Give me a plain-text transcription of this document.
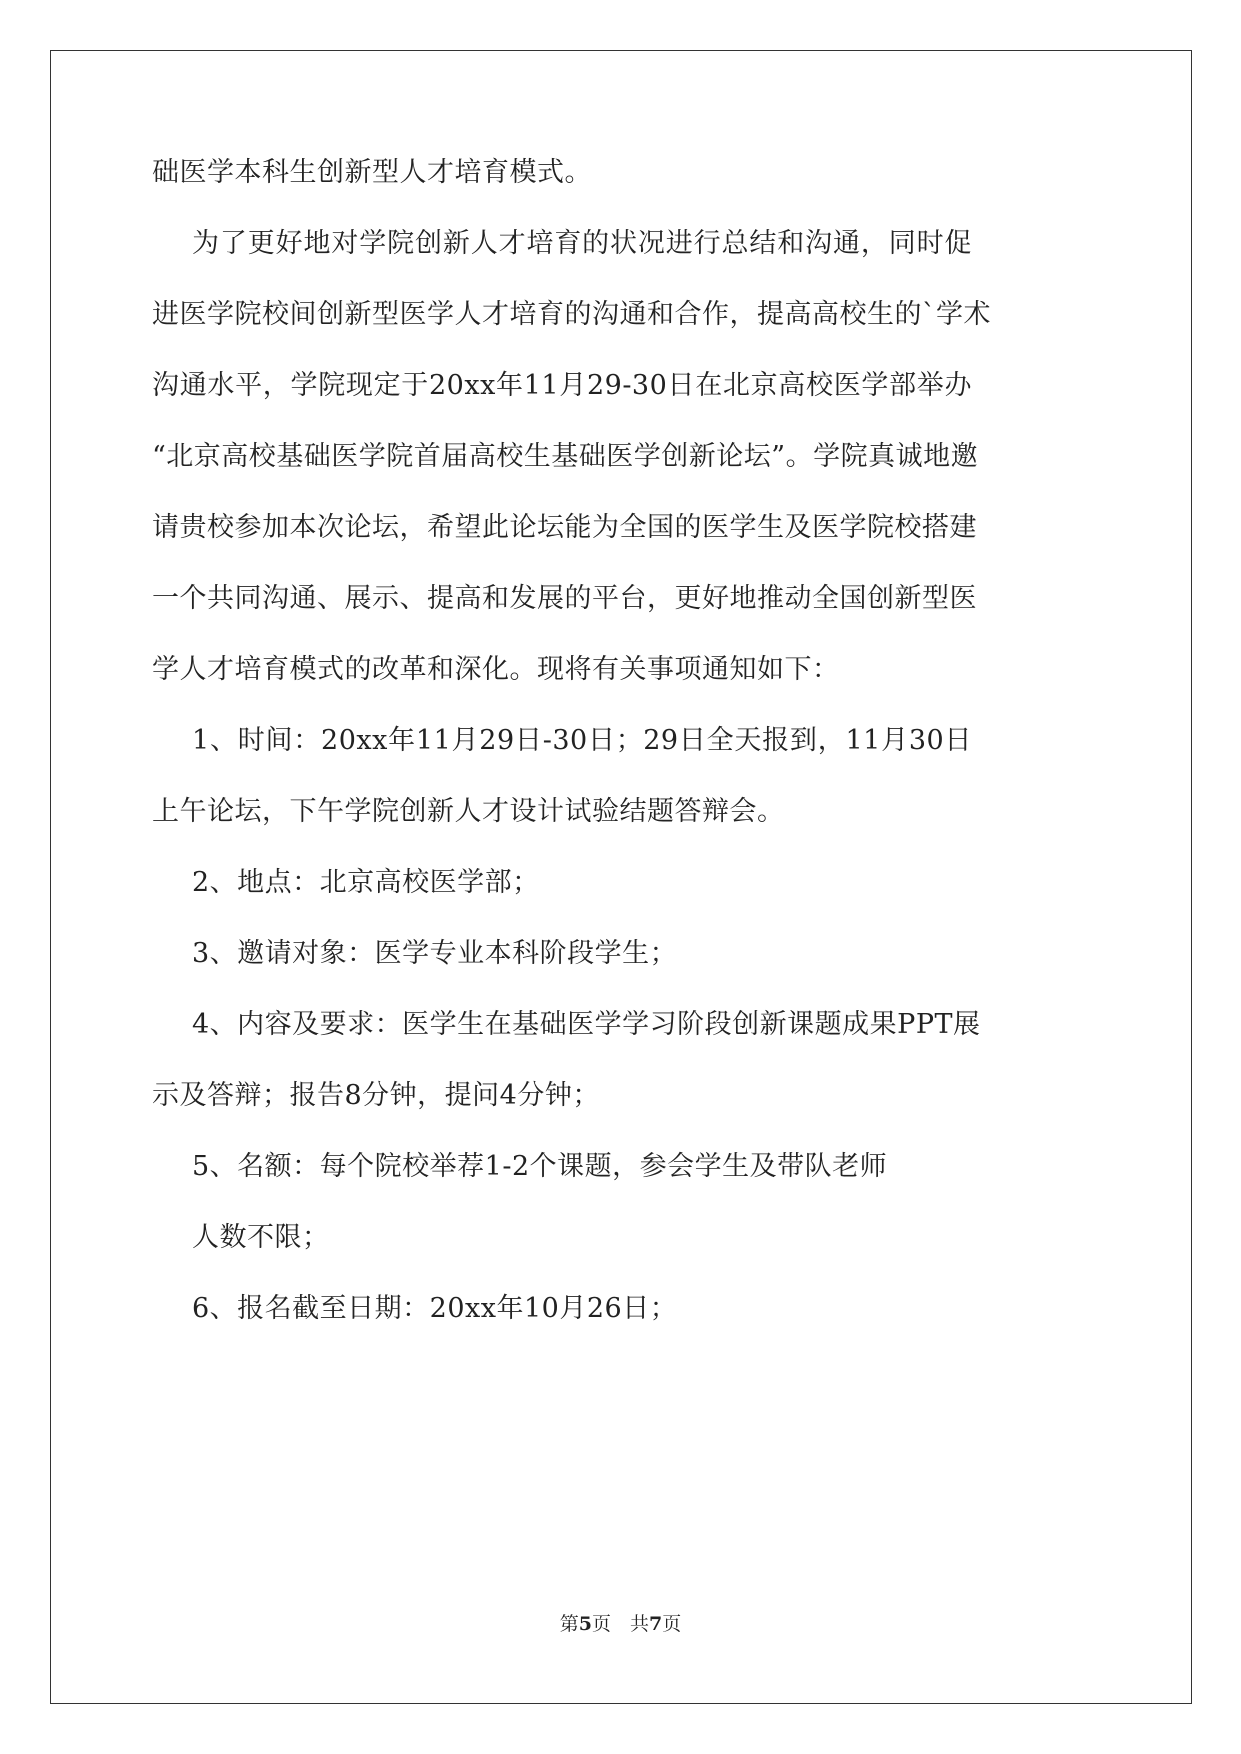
础医学本科生创新型人才培育模式。
为了更好地对学院创新人才培育的状况进行总结和沟通，同时促
进医学院校间创新型医学人才培育的沟通和合作，提高高校生的`学术
沟通水平，学院现定于20xx年11月29-30日在北京高校医学部举办
“北京高校基础医学院首届高校生基础医学创新论坛”。学院真诚地邀
请贵校参加本次论坛，希望此论坛能为全国的医学生及医学院校搭建
一个共同沟通、展示、提高和发展的平台，更好地推动全国创新型医
学人才培育模式的改革和深化。现将有关事项通知如下：
1、时间：20xx年11月29日-30日；29日全天报到，11月30日
上午论坛，下午学院创新人才设计试验结题答辩会。
2、地点：北京高校医学部；
3、邀请对象：医学专业本科阶段学生；
4、内容及要求：医学生在基础医学学习阶段创新课题成果PPT展
示及答辩；报告8分钟，提问4分钟；
5、名额：每个院校举荐1-2个课题，参会学生及带队老师
人数不限；
6、报名截至日期：20xx年10月26日；
第5页　共7页
